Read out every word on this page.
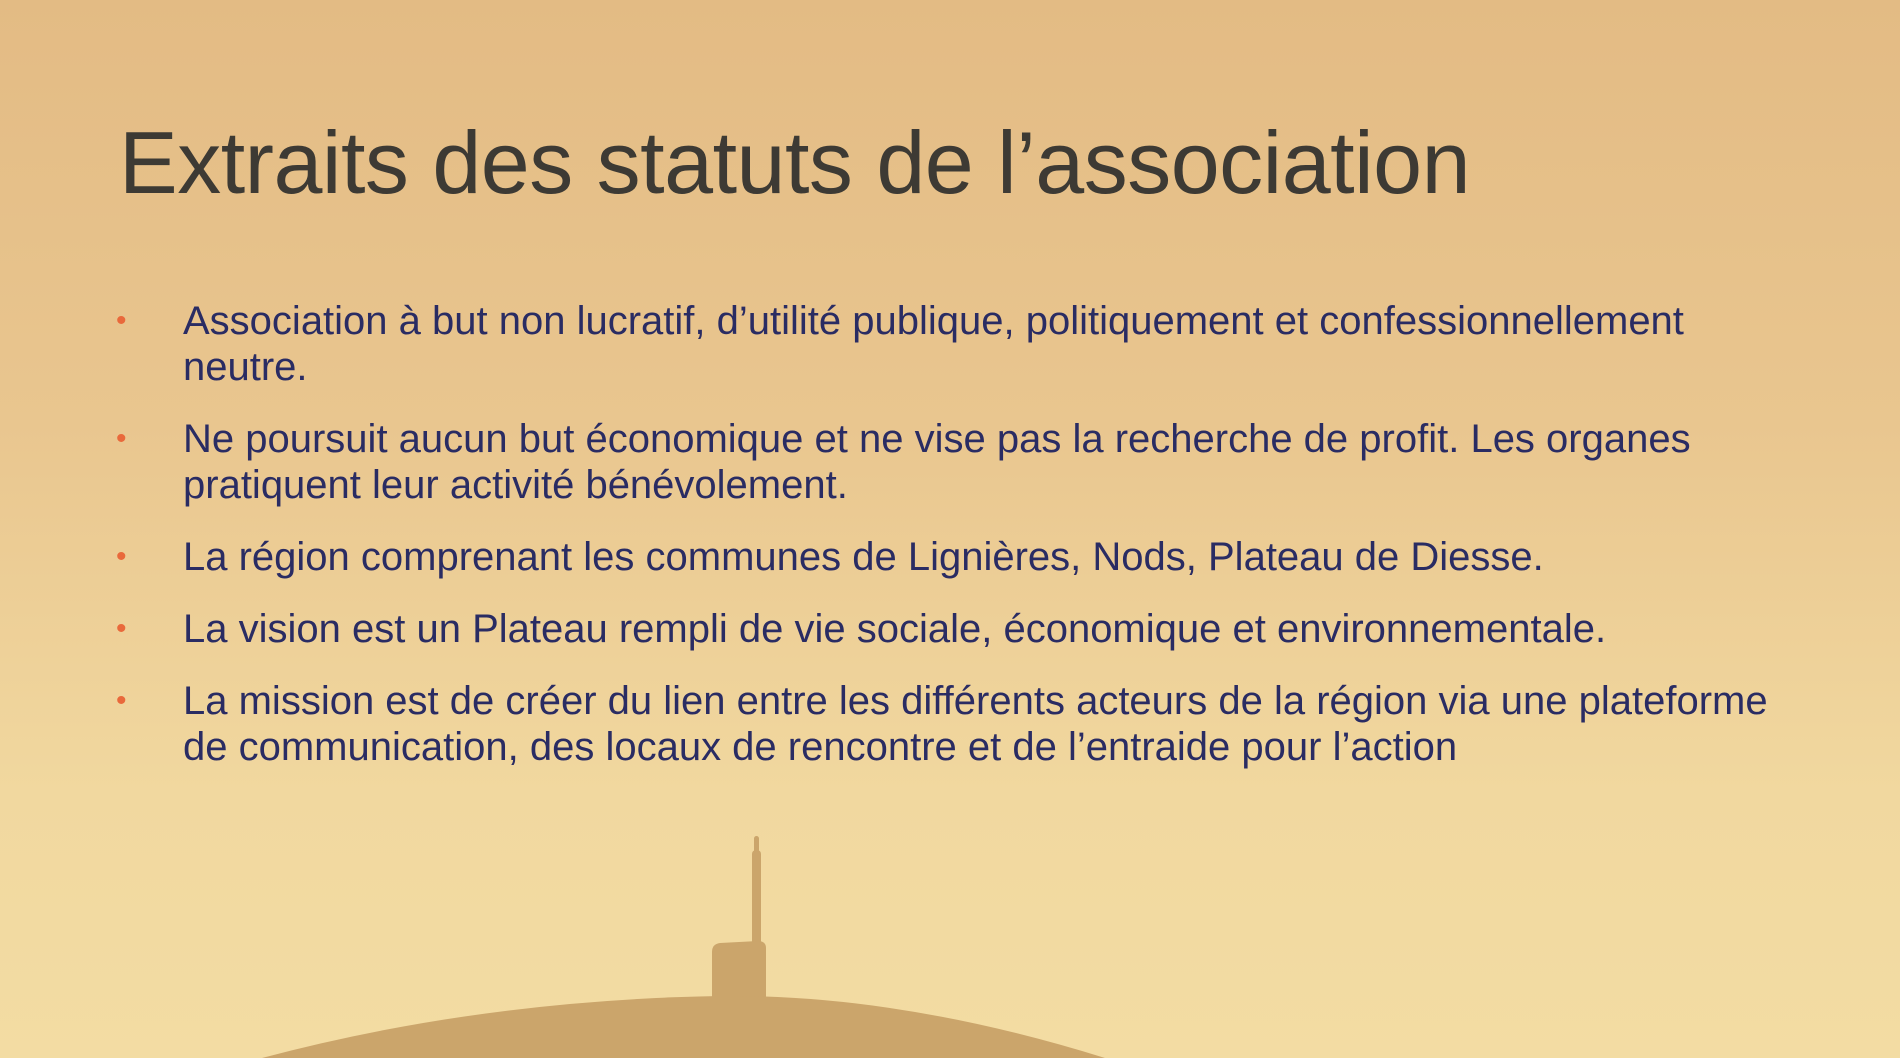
Extraits des statuts de l’association
• Association à but non lucratif, d’utilité publique, politiquement et confessionnellement neutre.
• Ne poursuit aucun but économique et ne vise pas la recherche de profit. Les organes pratiquent leur activité bénévolement.
• La région comprenant les communes de Lignières, Nods, Plateau de Diesse.
• La vision est un Plateau rempli de vie sociale, économique et environnementale.
• La mission est de créer du lien entre les différents acteurs de la région via une plateforme de communication, des locaux de rencontre et de l’entraide pour l’action
